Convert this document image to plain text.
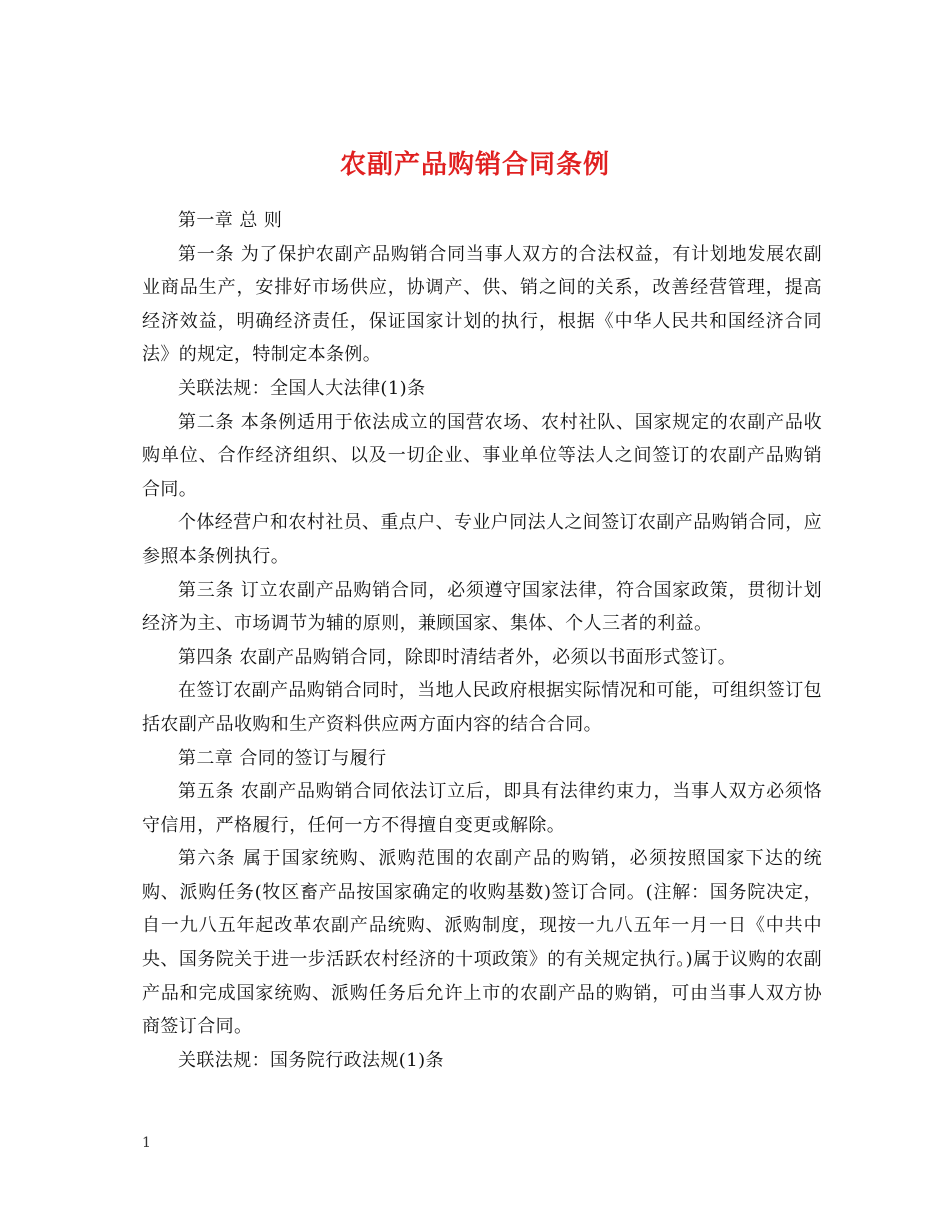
农副产品购销合同条例

第一章 总 则

第一条 为了保护农副产品购销合同当事人双方的合法权益，有计划地发展农副业商品生产，安排好市场供应，协调产、供、销之间的关系，改善经营管理，提高经济效益，明确经济责任，保证国家计划的执行，根据《中华人民共和国经济合同法》的规定，特制定本条例。

关联法规：全国人大法律(1)条

第二条 本条例适用于依法成立的国营农场、农村社队、国家规定的农副产品收购单位、合作经济组织、以及一切企业、事业单位等法人之间签订的农副产品购销合同。

个体经营户和农村社员、重点户、专业户同法人之间签订农副产品购销合同，应参照本条例执行。

第三条 订立农副产品购销合同，必须遵守国家法律，符合国家政策，贯彻计划经济为主、市场调节为辅的原则，兼顾国家、集体、个人三者的利益。

第四条 农副产品购销合同，除即时清结者外，必须以书面形式签订。

在签订农副产品购销合同时，当地人民政府根据实际情况和可能，可组织签订包括农副产品收购和生产资料供应两方面内容的结合合同。

第二章 合同的签订与履行

第五条 农副产品购销合同依法订立后，即具有法律约束力，当事人双方必须恪守信用，严格履行，任何一方不得擅自变更或解除。

第六条 属于国家统购、派购范围的农副产品的购销，必须按照国家下达的统购、派购任务(牧区畜产品按国家确定的收购基数)签订合同。(注解：国务院决定，自一九八五年起改革农副产品统购、派购制度，现按一九八五年一月一日《中共中央、国务院关于进一步活跃农村经济的十项政策》的有关规定执行。)属于议购的农副产品和完成国家统购、派购任务后允许上市的农副产品的购销，可由当事人双方协商签订合同。

关联法规：国务院行政法规(1)条

1
